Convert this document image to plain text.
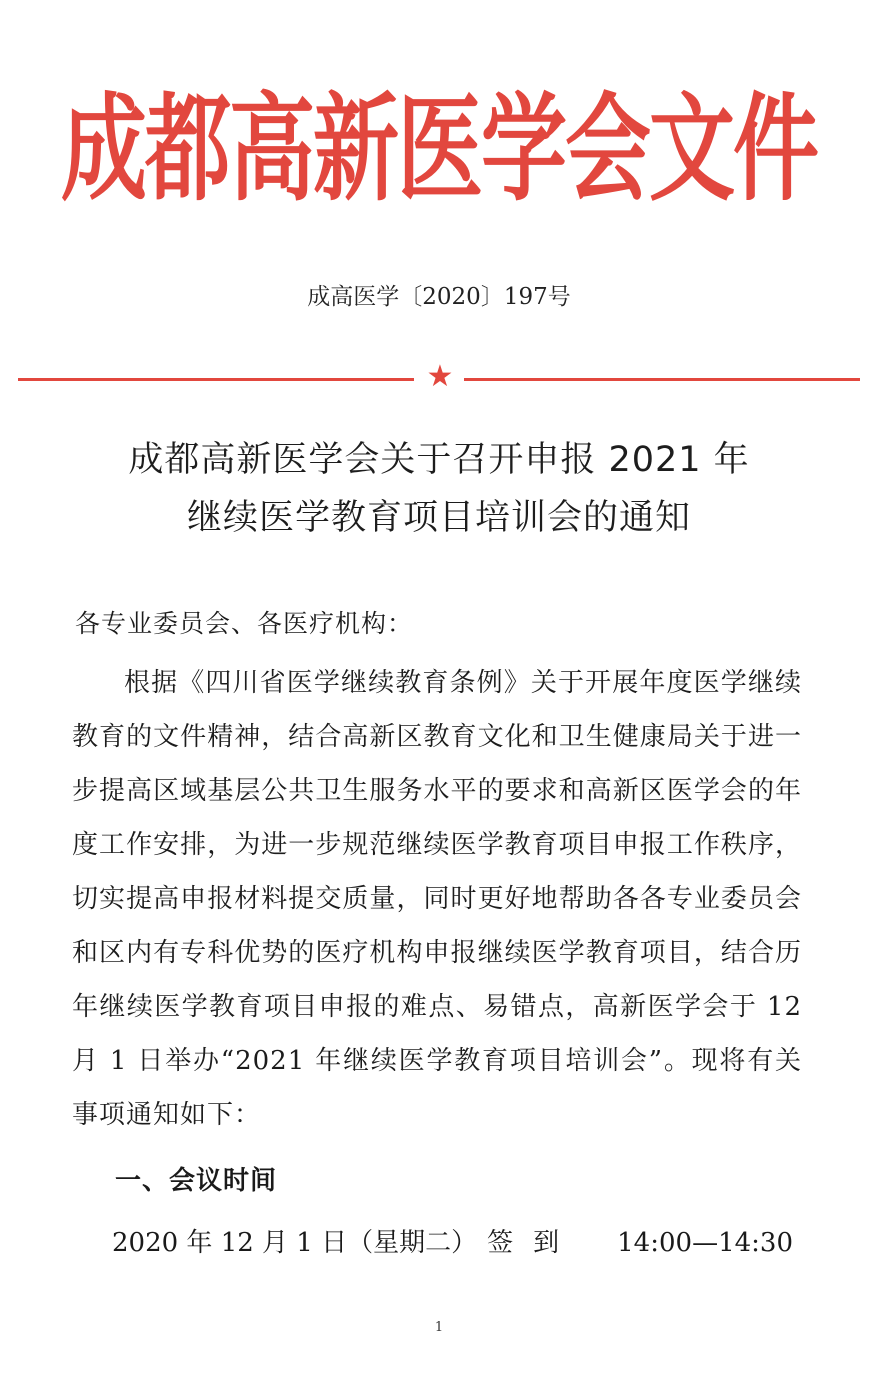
成都高新医学会文件
成高医学〔2020〕197号
★
成都高新医学会关于召开申报 2021 年
继续医学教育项目培训会的通知
各专业委员会、各医疗机构：

根据《四川省医学继续教育条例》关于开展年度医学继续教育的文件精神，结合高新区教育文化和卫生健康局关于进一步提高区域基层公共卫生服务水平的要求和高新区医学会的年度工作安排，为进一步规范继续医学教育项目申报工作秩序，切实提高申报材料提交质量，同时更好地帮助各各专业委员会和区内有专科优势的医疗机构申报继续医学教育项目，结合历年继续医学教育项目申报的难点、易错点，高新医学会于 12 月 1 日举办“2021 年继续医学教育项目培训会”。现将有关事项通知如下：

一、会议时间
2020 年 12 月 1 日（星期二） 签到 14:00—14:30
1
